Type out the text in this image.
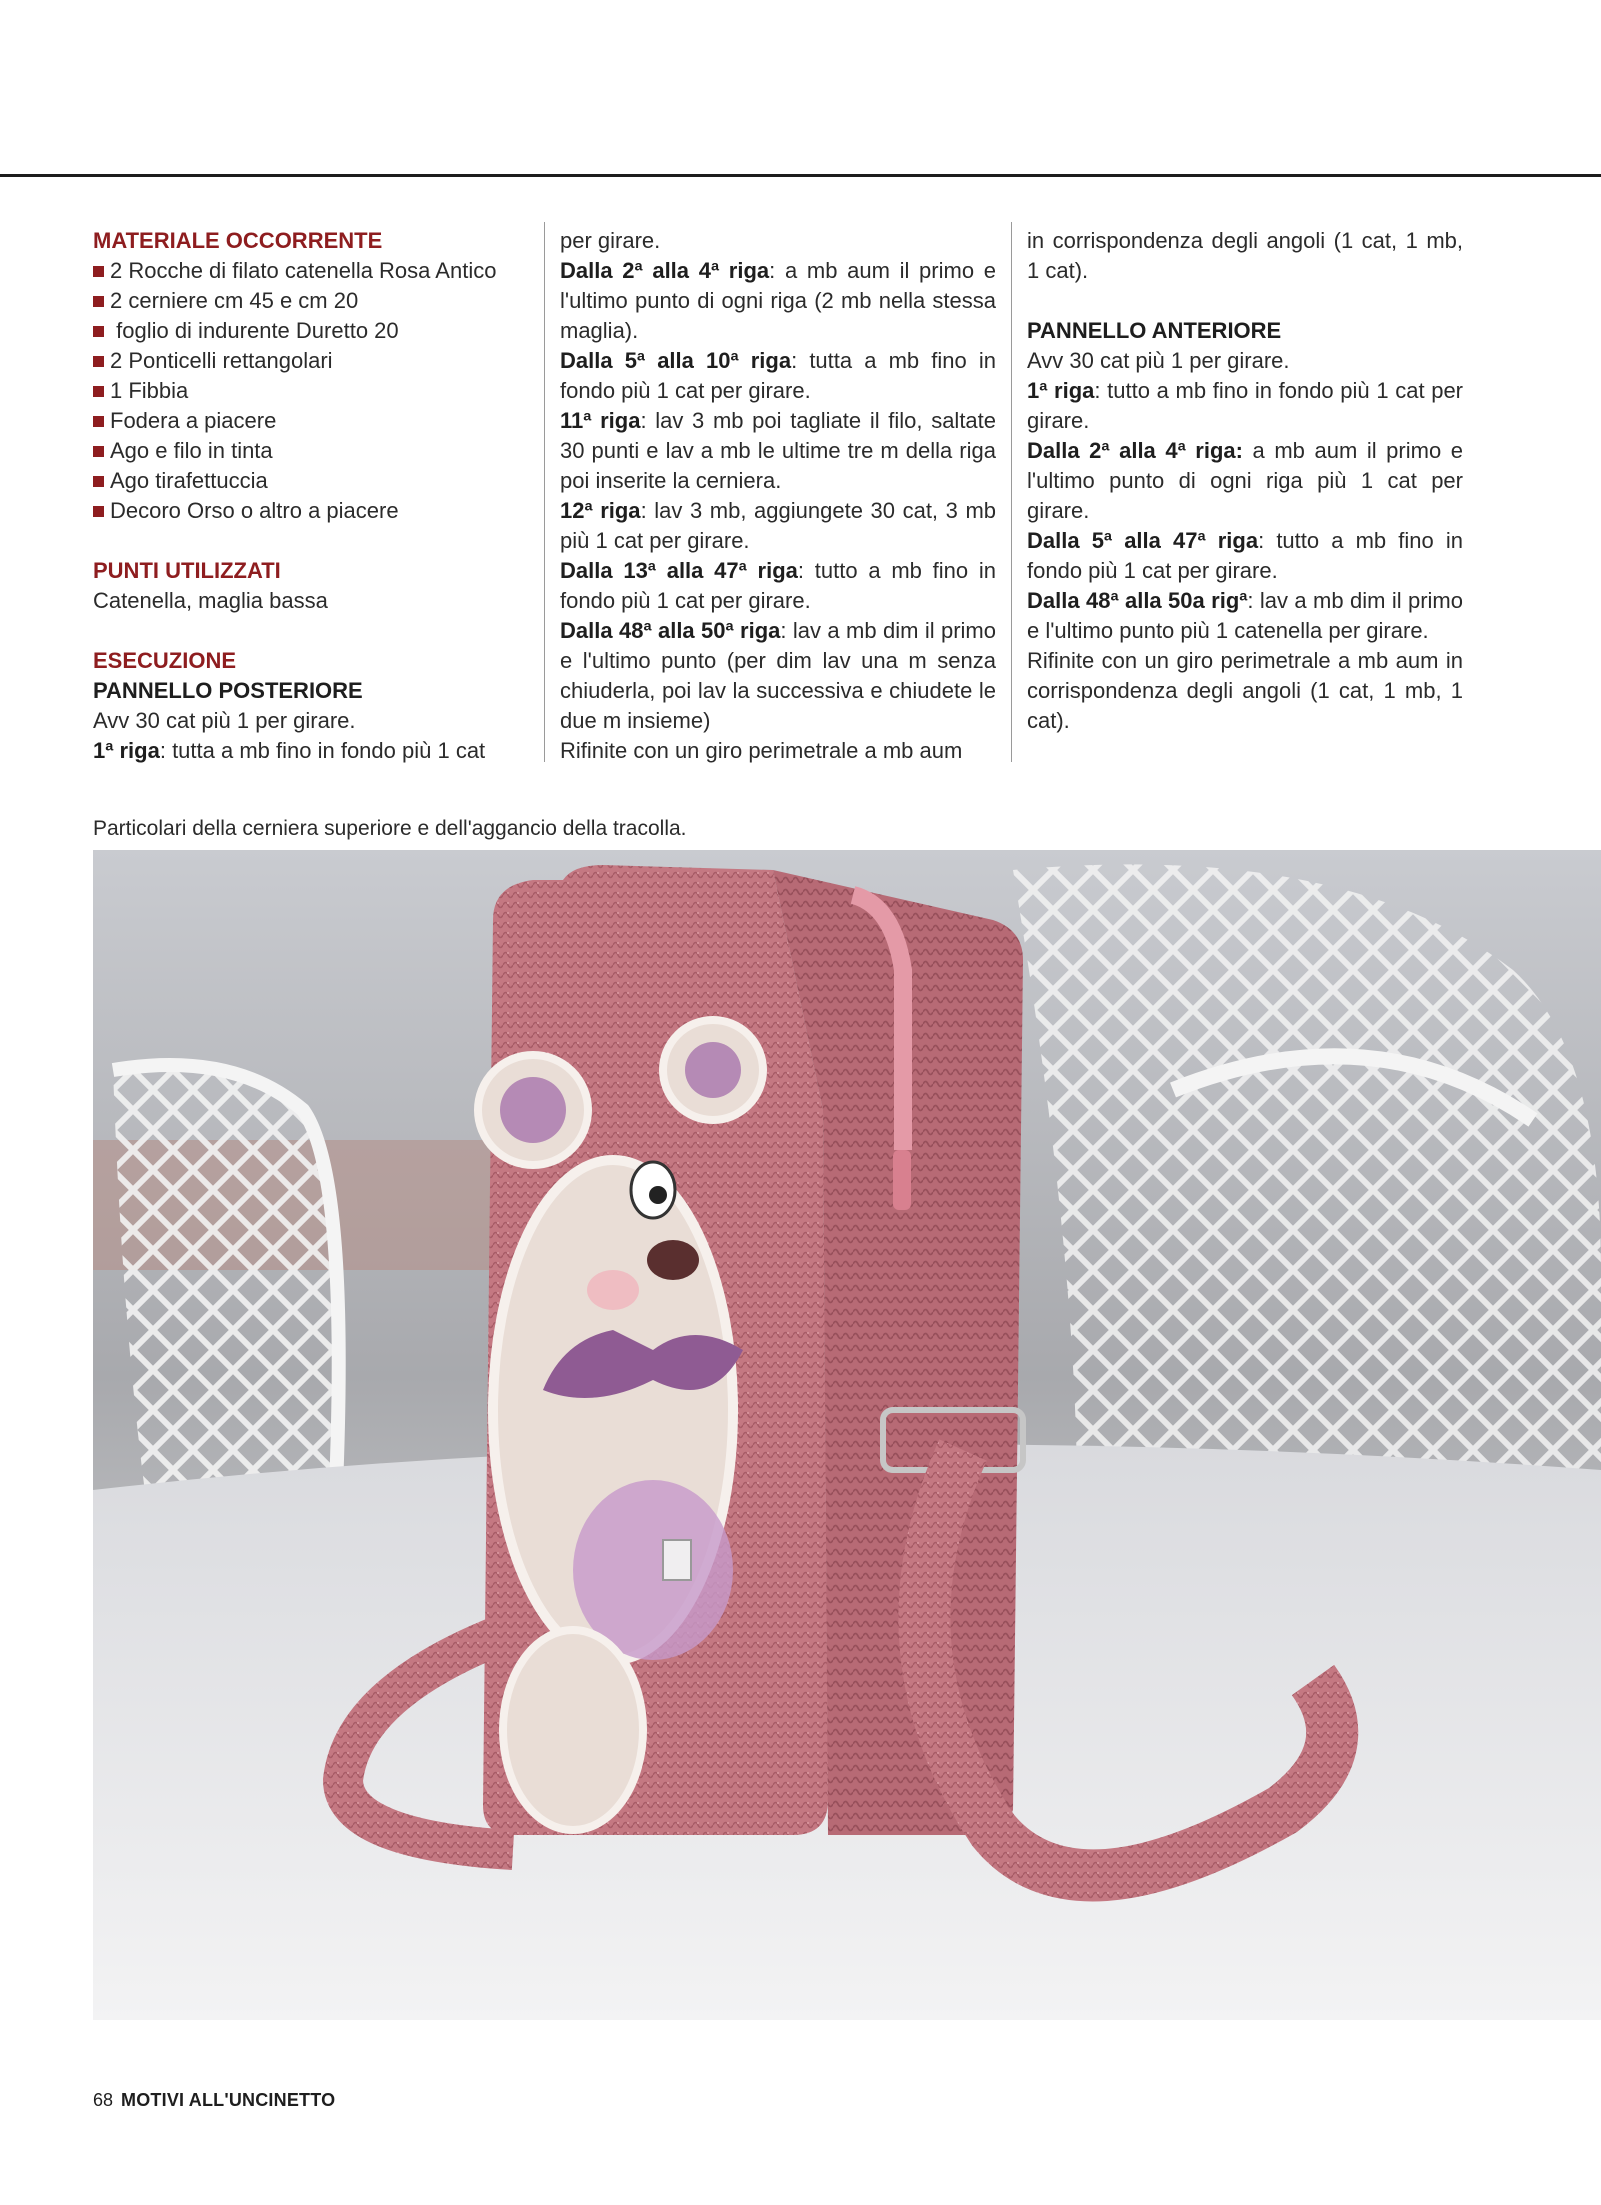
MATERIALE OCCORRENTE

2 Rocche di filato catenella Rosa Antico
2 cerniere cm 45 e cm 20
foglio di indurente Duretto 20
2 Ponticelli rettangolari
1 Fibbia
Fodera a piacere
Ago e filo in tinta
Ago tirafettuccia
Decoro Orso o altro a piacere

PUNTI UTILIZZATI

Catenella, maglia bassa

ESECUZIONE

PANNELLO POSTERIORE

Avv 30 cat più 1 per girare.

1ª riga: tutta a mb fino in fondo più 1 cat

per girare.

Dalla 2ª alla 4ª riga: a mb aum il primo e l'ultimo punto di ogni riga (2 mb nella stessa maglia).

Dalla 5ª alla 10ª riga: tutta a mb fino in fondo più 1 cat per girare.

11ª riga: lav 3 mb poi tagliate il filo, saltate 30 punti e lav a mb le ultime tre m della riga poi inserite la cerniera.

12ª riga: lav 3 mb, aggiungete 30 cat, 3 mb più 1 cat per girare.

Dalla 13ª alla 47ª riga: tutto a mb fino in fondo più 1 cat per girare.

Dalla 48ª alla 50ª riga: lav a mb dim il primo e l'ultimo punto (per dim lav una m senza chiuderla, poi lav la successiva e chiudete le due m insieme)

Rifinite con un giro perimetrale a mb aum

in corrispondenza degli angoli (1 cat, 1 mb, 1 cat).

PANNELLO ANTERIORE

Avv 30 cat più 1 per girare.

1ª riga: tutto a mb fino in fondo più 1 cat per girare.

Dalla 2ª alla 4ª riga: a mb aum il primo e l'ultimo punto di ogni riga più 1 cat per girare.

Dalla 5ª alla 47ª riga: tutto a mb fino in fondo più 1 cat per girare.

Dalla 48ª alla 50a rigª: lav a mb dim il primo e l'ultimo punto più 1 catenella per girare.

Rifinite con un giro perimetrale a mb aum in corrispondenza degli angoli (1 cat, 1 mb, 1 cat).

Particolari della cerniera superiore e dell'aggancio della tracolla.
68 MOTIVI ALL'UNCINETTO
